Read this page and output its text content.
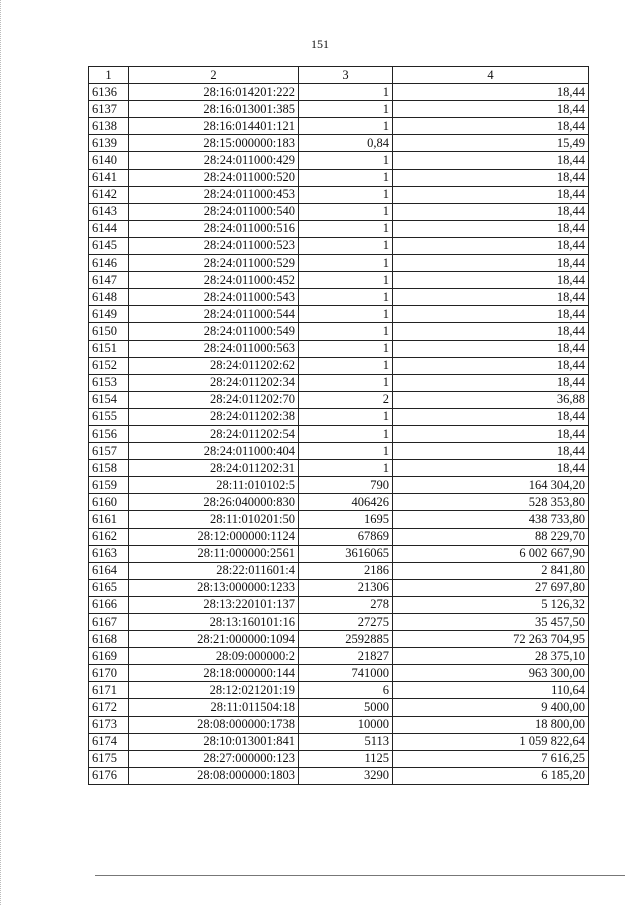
151
1	2	3	4
6136	28:16:014201:222	1	18,44
6137	28:16:013001:385	1	18,44
6138	28:16:014401:121	1	18,44
6139	28:15:000000:183	0,84	15,49
6140	28:24:011000:429	1	18,44
6141	28:24:011000:520	1	18,44
6142	28:24:011000:453	1	18,44
6143	28:24:011000:540	1	18,44
6144	28:24:011000:516	1	18,44
6145	28:24:011000:523	1	18,44
6146	28:24:011000:529	1	18,44
6147	28:24:011000:452	1	18,44
6148	28:24:011000:543	1	18,44
6149	28:24:011000:544	1	18,44
6150	28:24:011000:549	1	18,44
6151	28:24:011000:563	1	18,44
6152	28:24:011202:62	1	18,44
6153	28:24:011202:34	1	18,44
6154	28:24:011202:70	2	36,88
6155	28:24:011202:38	1	18,44
6156	28:24:011202:54	1	18,44
6157	28:24:011000:404	1	18,44
6158	28:24:011202:31	1	18,44
6159	28:11:010102:5	790	164 304,20
6160	28:26:040000:830	406426	528 353,80
6161	28:11:010201:50	1695	438 733,80
6162	28:12:000000:1124	67869	88 229,70
6163	28:11:000000:2561	3616065	6 002 667,90
6164	28:22:011601:4	2186	2 841,80
6165	28:13:000000:1233	21306	27 697,80
6166	28:13:220101:137	278	5 126,32
6167	28:13:160101:16	27275	35 457,50
6168	28:21:000000:1094	2592885	72 263 704,95
6169	28:09:000000:2	21827	28 375,10
6170	28:18:000000:144	741000	963 300,00
6171	28:12:021201:19	6	110,64
6172	28:11:011504:18	5000	9 400,00
6173	28:08:000000:1738	10000	18 800,00
6174	28:10:013001:841	5113	1 059 822,64
6175	28:27:000000:123	1125	7 616,25
6176	28:08:000000:1803	3290	6 185,20
